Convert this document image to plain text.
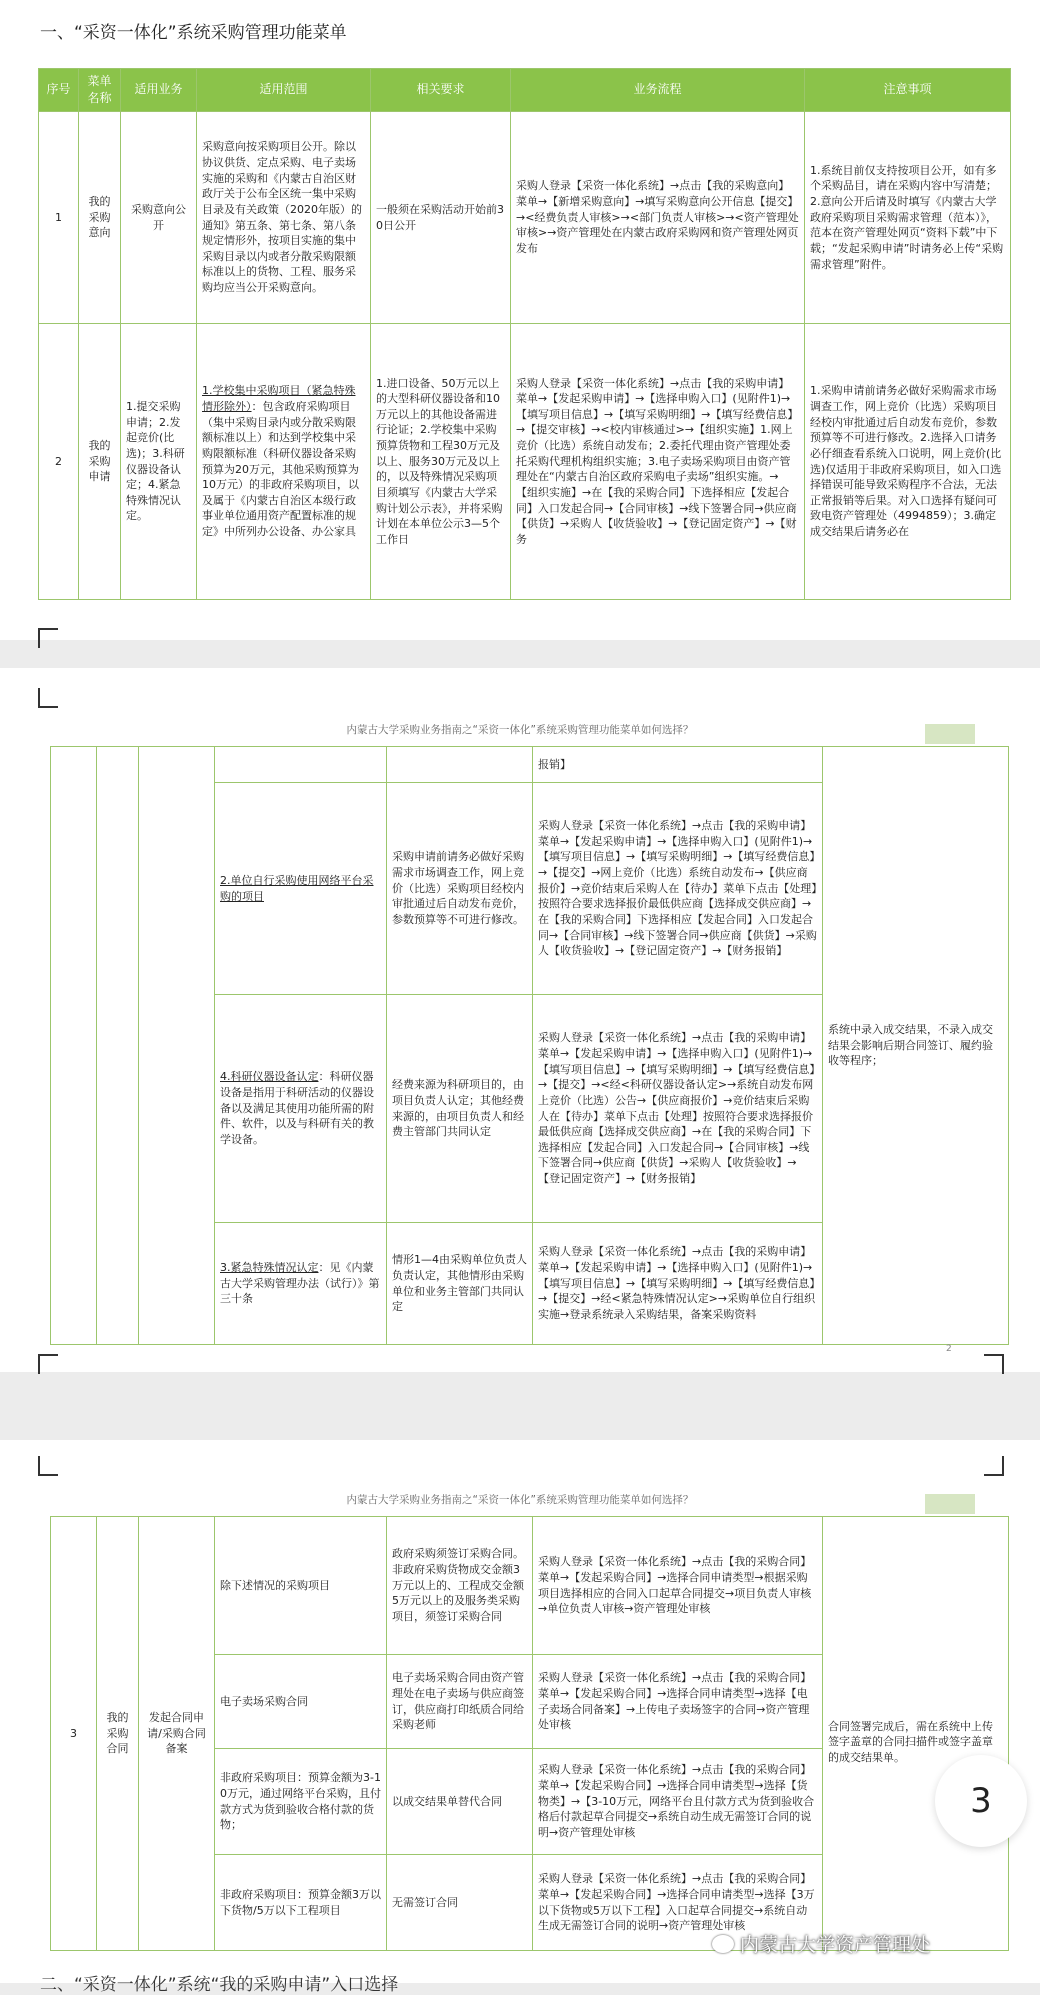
一、“采资一体化”系统采购管理功能菜单
序号	菜单名称	适用业务	适用范围	相关要求	业务流程	注意事项
1	我的采购意向	采购意向公开	采购意向按采购项目公开。除以协议供货、定点采购、电子卖场实施的采购和《内蒙古自治区财政厅关于公布全区统一集中采购目录及有关政策（2020年版）的通知》第五条、第七条、第八条规定情形外，按项目实施的集中采购目录以内或者分散采购限额标准以上的货物、工程、服务采购均应当公开采购意向。	一般须在采购活动开始前30日公开	采购人登录【采资一体化系统】→点击【我的采购意向】菜单→【新增采购意向】→填写采购意向公开信息【提交】→<经费负责人审核>→<部门负责人审核>→<资产管理处审核>→资产管理处在内蒙古政府采购网和资产管理处网页发布	1.系统目前仅支持按项目公开，如有多个采购品目，请在采购内容中写清楚；2.意向公开后请及时填写《内蒙古大学政府采购项目采购需求管理（范本）》，范本在资产管理处网页“资料下载”中下载；“发起采购申请”时请务必上传“采购需求管理”附件。
2	我的采购申请	1.提交采购申请；2.发起竞价(比选)；3.科研仪器设备认定；4.紧急特殊情况认定。	1.学校集中采购项目（紧急特殊情形除外）：包含政府采购项目（集中采购目录内或分散采购限额标准以上）和达到学校集中采购限额标准（科研仪器设备采购预算为20万元，其他采购预算为10万元）的非政府采购项目，以及属于《内蒙古自治区本级行政事业单位通用资产配置标准的规定》中所列办公设备、办公家具	1.进口设备、50万元以上的大型科研仪器设备和10万元以上的其他设备需进行论证；2.学校集中采购预算货物和工程30万元及以上、服务30万元及以上的，以及特殊情况采购项目须填写《内蒙古大学采购计划公示表》，并将采购计划在本单位公示3—5个工作日	采购人登录【采资一体化系统】→点击【我的采购申请】菜单→【发起采购申请】→【选择申购入口】(见附件1)→【填写项目信息】→【填写采购明细】→【填写经费信息】→【提交审核】→<校内审核通过>→【组织实施】1.网上竞价（比选）系统自动发布；2.委托代理由资产管理处委托采购代理机构组织实施；3.电子卖场采购项目由资产管理处在“内蒙古自治区政府采购电子卖场”组织实施。→【组织实施】→在【我的采购合同】下选择相应【发起合同】入口发起合同→【合同审核】→线下签署合同→供应商【供货】→采购人【收货验收】→【登记固定资产】→【财务	1.采购申请前请务必做好采购需求市场调查工作，网上竞价（比选）采购项目经校内审批通过后自动发布竞价，参数预算等不可进行修改。2.选择入口请务必仔细查看系统入口说明，网上竞价(比选)仅适用于非政府采购项目，如入口选择错误可能导致采购程序不合法，无法正常报销等后果。对入口选择有疑问可致电资产管理处（4994859）；3.确定成交结果后请务必在
内蒙古大学采购业务指南之“采资一体化”系统采购管理功能菜单如何选择？
					报销】	系统中录入成交结果，不录入成交结果会影响后期合同签订、履约验收等程序；
			2.单位自行采购使用网络平台采购的项目	采购申请前请务必做好采购需求市场调查工作，网上竞价（比选）采购项目经校内审批通过后自动发布竞价，参数预算等不可进行修改。	采购人登录【采资一体化系统】→点击【我的采购申请】菜单→【发起采购申请】→【选择申购入口】(见附件1)→【填写项目信息】→【填写采购明细】→【填写经费信息】→【提交】→网上竞价（比选）系统自动发布→【供应商报价】→竞价结束后采购人在【待办】菜单下点击【处理】按照符合要求选择报价最低供应商【选择成交供应商】→在【我的采购合同】下选择相应【发起合同】入口发起合同→【合同审核】→线下签署合同→供应商【供货】→采购人【收货验收】→【登记固定资产】→【财务报销】	
			4.科研仪器设备认定：科研仪器设备是指用于科研活动的仪器设备以及满足其使用功能所需的附件、软件，以及与科研有关的教学设备。	经费来源为科研项目的，由项目负责人认定；其他经费来源的，由项目负责人和经费主管部门共同认定	采购人登录【采资一体化系统】→点击【我的采购申请】菜单→【发起采购申请】→【选择申购入口】(见附件1)→【填写项目信息】→【填写采购明细】→【填写经费信息】→【提交】→<经<科研仪器设备认定>→系统自动发布网上竞价（比选）公告→【供应商报价】→竞价结束后采购人在【待办】菜单下点击【处理】按照符合要求选择报价最低供应商【选择成交供应商】→在【我的采购合同】下选择相应【发起合同】入口发起合同→【合同审核】→线下签署合同→供应商【供货】→采购人【收货验收】→【登记固定资产】→【财务报销】	
			3.紧急特殊情况认定：见《内蒙古大学采购管理办法（试行）》第三十条	情形1—4由采购单位负责人负责认定，其他情形由采购单位和业务主管部门共同认定	采购人登录【采资一体化系统】→点击【我的采购申请】菜单→【发起采购申请】→【选择申购入口】(见附件1)→【填写项目信息】→【填写采购明细】→【填写经费信息】→【提交】→经<紧急特殊情况认定>→采购单位自行组织实施→登录系统录入采购结果，备案采购资料	
2
内蒙古大学采购业务指南之“采资一体化”系统采购管理功能菜单如何选择？
3	我的采购合同	发起合同申请/采购合同备案	除下述情况的采购项目	政府采购须签订采购合同。非政府采购货物成交金额3万元以上的、工程成交金额5万元以上的及服务类采购项目，须签订采购合同	采购人登录【采资一体化系统】→点击【我的采购合同】菜单→【发起采购合同】→选择合同申请类型→根据采购项目选择相应的合同入口起草合同提交→项目负责人审核→单位负责人审核→资产管理处审核	合同签署完成后，需在系统中上传签字盖章的合同扫描件或签字盖章的成交结果单。
			电子卖场采购合同	电子卖场采购合同由资产管理处在电子卖场与供应商签订，供应商打印纸质合同给采购老师	采购人登录【采资一体化系统】→点击【我的采购合同】菜单→【发起采购合同】→选择合同申请类型→选择【电子卖场合同备案】→上传电子卖场签字的合同→资产管理处审核	
			非政府采购项目：预算金额为3-10万元，通过网络平台采购，且付款方式为货到验收合格付款的货物；	以成交结果单替代合同	采购人登录【采资一体化系统】→点击【我的采购合同】菜单→【发起采购合同】→选择合同申请类型→选择【货物类】→【3-10万元，网络平台且付款方式为货到验收合格后付款起草合同提交→系统自动生成无需签订合同的说明→资产管理处审核	
			非政府采购项目：预算金额3万以下货物/5万以下工程项目	无需签订合同	采购人登录【采资一体化系统】→点击【我的采购合同】菜单→【发起采购合同】→选择合同申请类型→选择【3万以下货物或5万以下工程】入口起草合同提交→系统自动生成无需签订合同的说明→资产管理处审核	
3
内蒙古大学资产管理处
二、“采资一体化”系统“我的采购申请”入口选择
